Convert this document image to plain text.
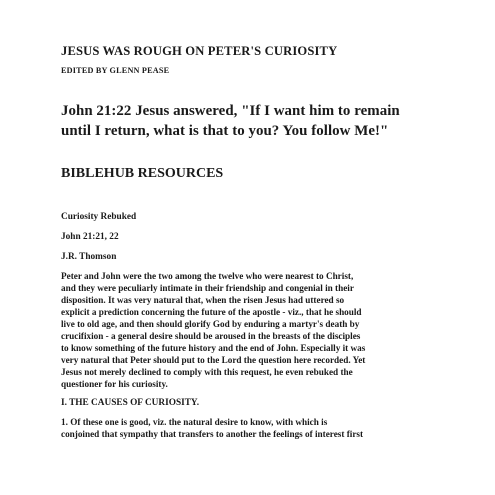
JESUS WAS ROUGH ON PETER'S CURIOSITY
EDITED BY GLENN PEASE
John 21:22 Jesus answered, "If I want him to remain
until I return, what is that to you? You follow Me!"
BIBLEHUB RESOURCES
Curiosity Rebuked
John 21:21, 22
J.R. Thomson
Peter and John were the two among the twelve who were nearest to Christ,
and they were peculiarly intimate in their friendship and congenial in their
disposition. It was very natural that, when the risen Jesus had uttered so
explicit a prediction concerning the future of the apostle - viz., that he should
live to old age, and then should glorify God by enduring a martyr's death by
crucifixion - a general desire should be aroused in the breasts of the disciples
to know something of the future history and the end of John. Especially it was
very natural that Peter should put to the Lord the question here recorded. Yet
Jesus not merely declined to comply with this request, he even rebuked the
questioner for his curiosity.
I. THE CAUSES OF CURIOSITY.
1. Of these one is good, viz. the natural desire to know, with which is
conjoined that sympathy that transfers to another the feelings of interest first
